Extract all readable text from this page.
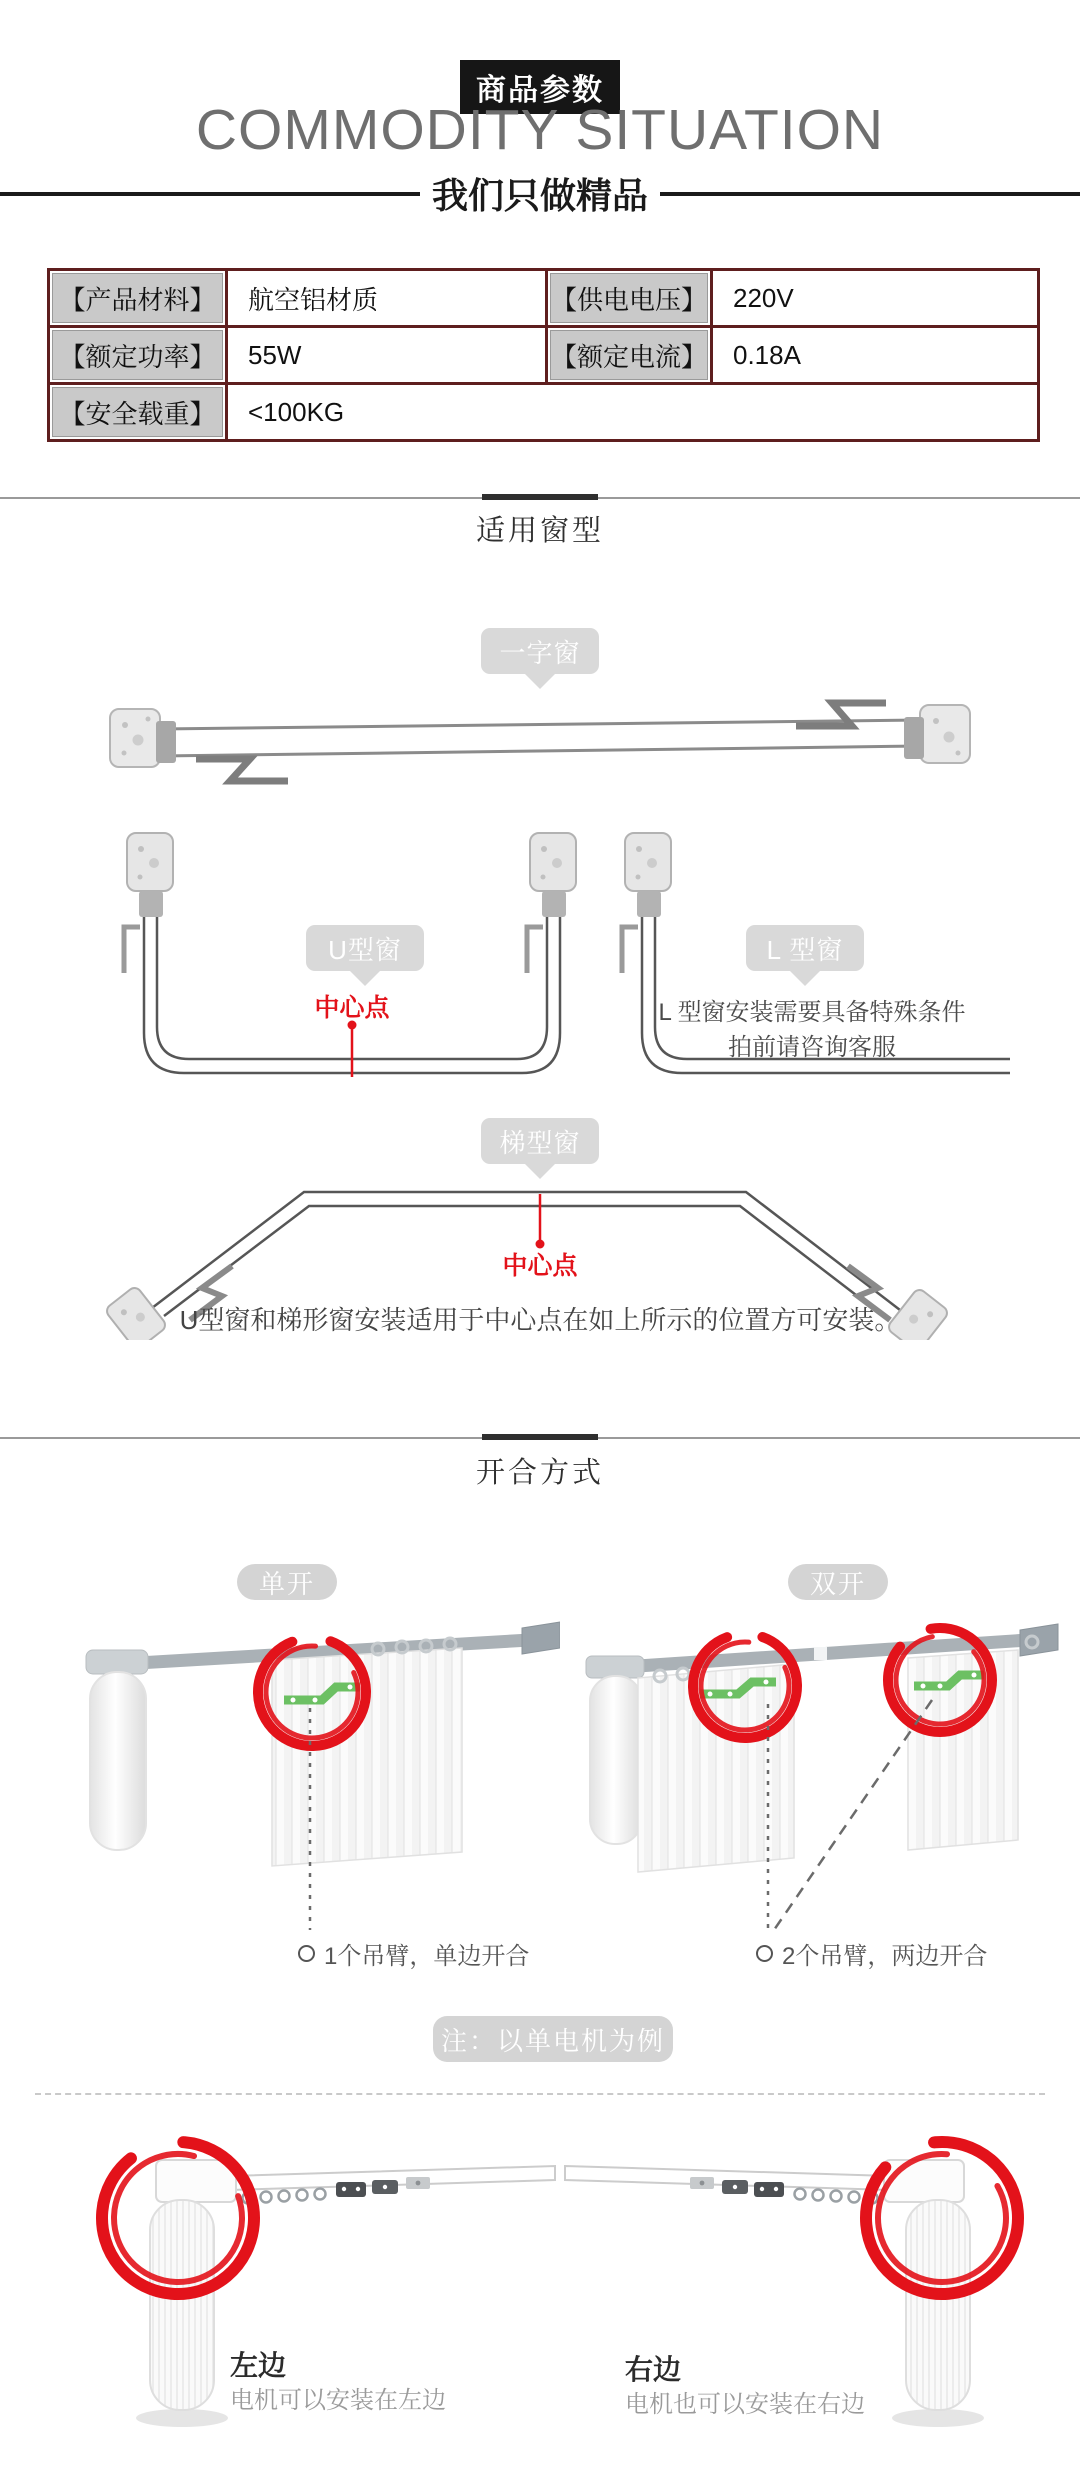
商品参数
COMMODITY SITUATION
我们只做精品
【产品材料】	航空铝材质	【供电电压】	220V
【额定功率】	55W	【额定电流】	0.18A
【安全载重】	<100KG		
适用窗型
一字窗
U型窗	L 型窗
中心点	L 型窗安装需要具备特殊条件
拍前请咨询客服
梯型窗
中心点
U型窗和梯形窗安装适用于中心点在如上所示的位置方可安装。
开合方式
单开	双开
1个吊臂，单边开合	2个吊臂，两边开合
注：以单电机为例
左边
电机可以安装在左边
右边
电机也可以安装在右边
